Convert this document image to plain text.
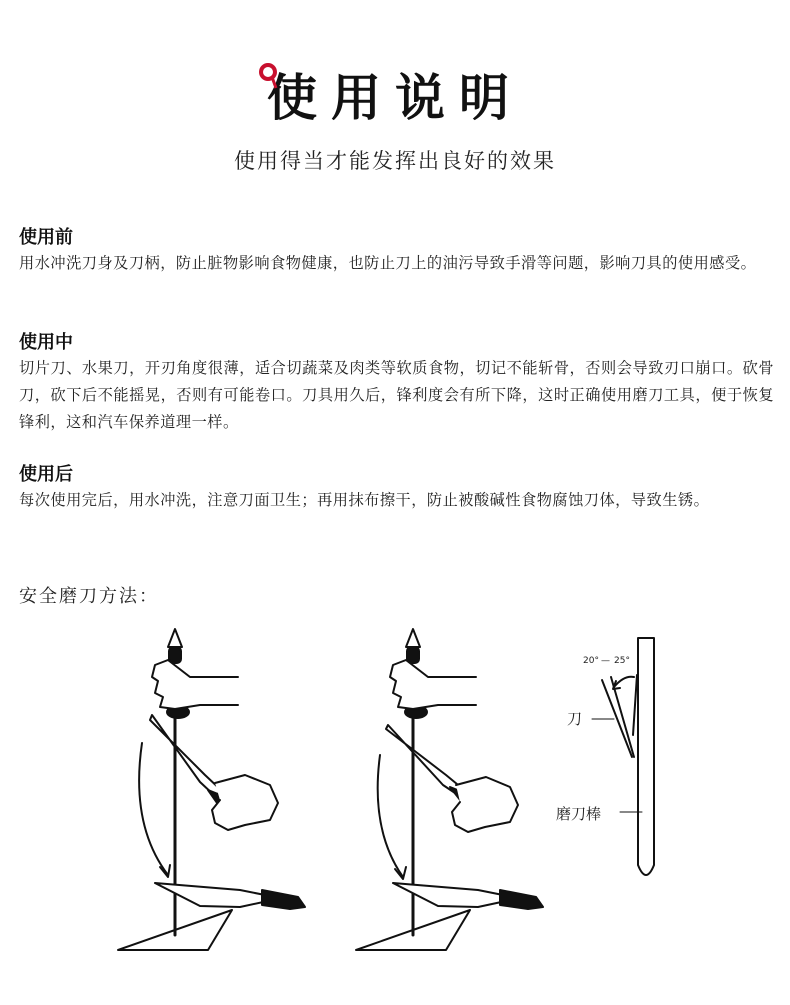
使用说明
使用得当才能发挥出良好的效果

使用前

用水冲洗刀身及刀柄，防止脏物影响食物健康，也防止刀上的油污导致手滑等问题，影响刀具的使用感受。

使用中

切片刀、水果刀，开刃角度很薄，适合切蔬菜及肉类等软质食物，切记不能斩骨，否则会导致刃口崩口。砍骨刀，砍下后不能摇晃，否则有可能卷口。刀具用久后，锋利度会有所下降，这时正确使用磨刀工具，便于恢复锋利，这和汽车保养道理一样。

使用后

每次使用完后，用水冲洗，注意刀面卫生；再用抹布擦干，防止被酸碱性食物腐蚀刀体，导致生锈。

安全磨刀方法：
20° — 25°
刀
磨刀棒
